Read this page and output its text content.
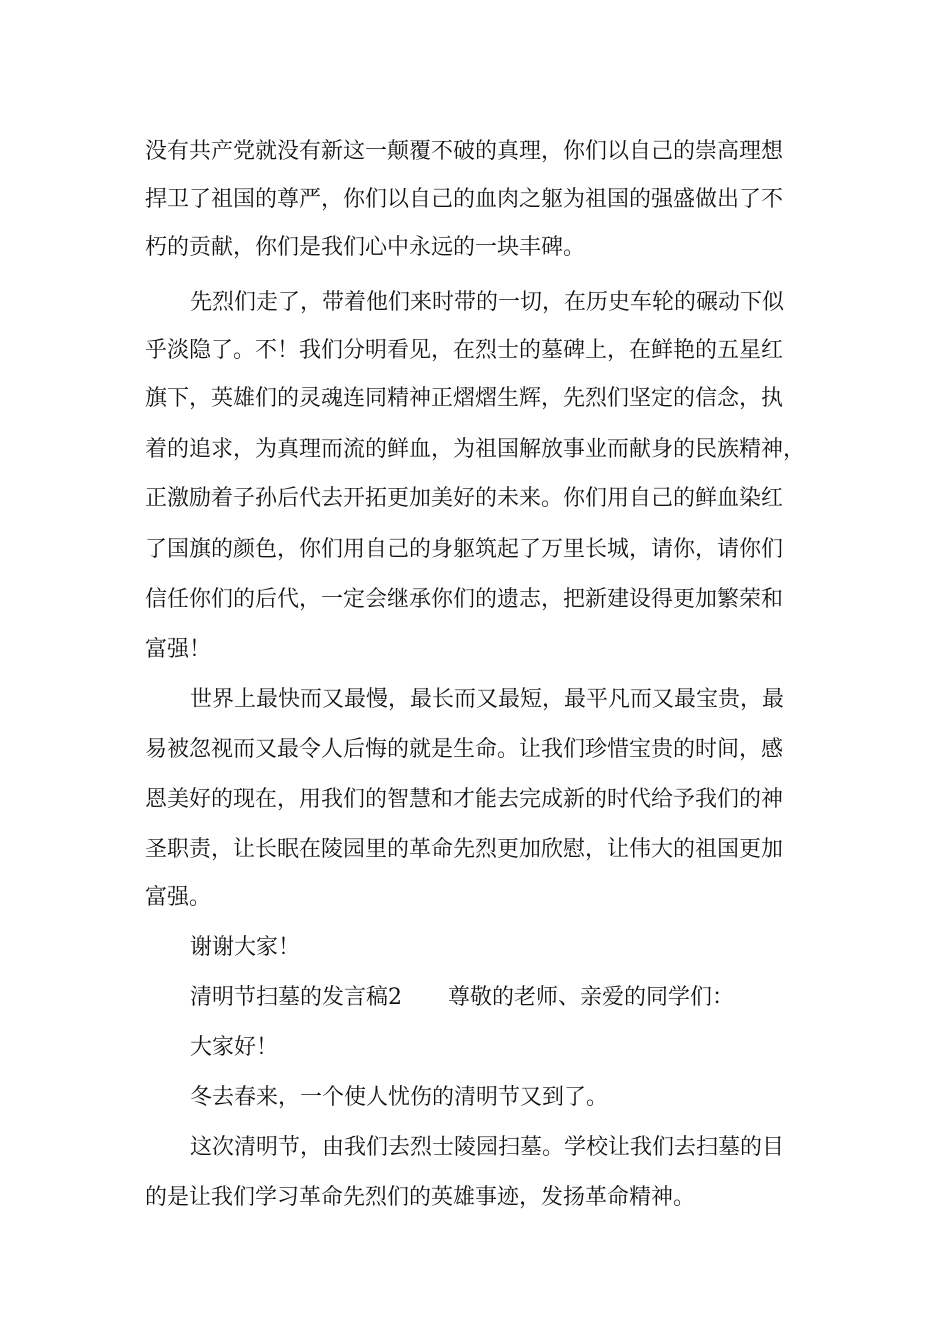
没有共产党就没有新这一颠覆不破的真理，你们以自己的崇高理想

捍卫了祖国的尊严，你们以自己的血肉之躯为祖国的强盛做出了不

朽的贡献，你们是我们心中永远的一块丰碑。

先烈们走了，带着他们来时带的一切，在历史车轮的碾动下似

乎淡隐了。不！我们分明看见，在烈士的墓碑上，在鲜艳的五星红

旗下，英雄们的灵魂连同精神正熠熠生辉，先烈们坚定的信念，执

着的追求，为真理而流的鲜血，为祖国解放事业而献身的民族精神，

正激励着子孙后代去开拓更加美好的未来。你们用自己的鲜血染红

了国旗的颜色，你们用自己的身躯筑起了万里长城，请你，请你们

信任你们的后代，一定会继承你们的遗志，把新建设得更加繁荣和

富强！

世界上最快而又最慢，最长而又最短，最平凡而又最宝贵，最

易被忽视而又最令人后悔的就是生命。让我们珍惜宝贵的时间，感

恩美好的现在，用我们的智慧和才能去完成新的时代给予我们的神

圣职责，让长眠在陵园里的革命先烈更加欣慰，让伟大的祖国更加

富强。

谢谢大家！

清明节扫墓的发言稿2 尊敬的老师、亲爱的同学们：

大家好！

冬去春来，一个使人忧伤的清明节又到了。

这次清明节，由我们去烈士陵园扫墓。学校让我们去扫墓的目

的是让我们学习革命先烈们的英雄事迹，发扬革命精神。
